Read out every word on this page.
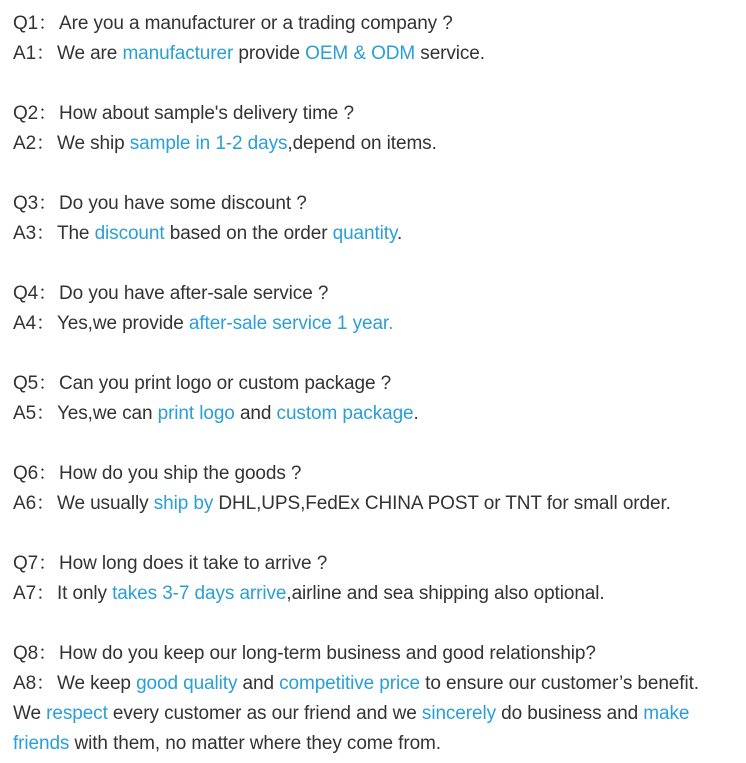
Q1： Are you a manufacturer or a trading company ?
A1： We are manufacturer provide OEM & ODM service.
Q2： How about sample's delivery time ?
A2： We ship sample in 1-2 days,depend on items.
Q3： Do you have some discount ?
A3： The discount based on the order quantity.
Q4： Do you have after-sale service ?
A4： Yes,we provide after-sale service 1 year.
Q5： Can you print logo or custom package ?
A5： Yes,we can print logo and custom package.
Q6： How do you ship the goods ?
A6： We usually ship by DHL,UPS,FedEx CHINA POST or TNT for small order.
Q7： How long does it take to arrive ?
A7： It only takes 3-7 days arrive,airline and sea shipping also optional.
Q8： How do you keep our long-term business and good relationship?
A8： We keep good quality and competitive price to ensure our customer’s benefit.
We respect every customer as our friend and we sincerely do business and make
friends with them, no matter where they come from.
